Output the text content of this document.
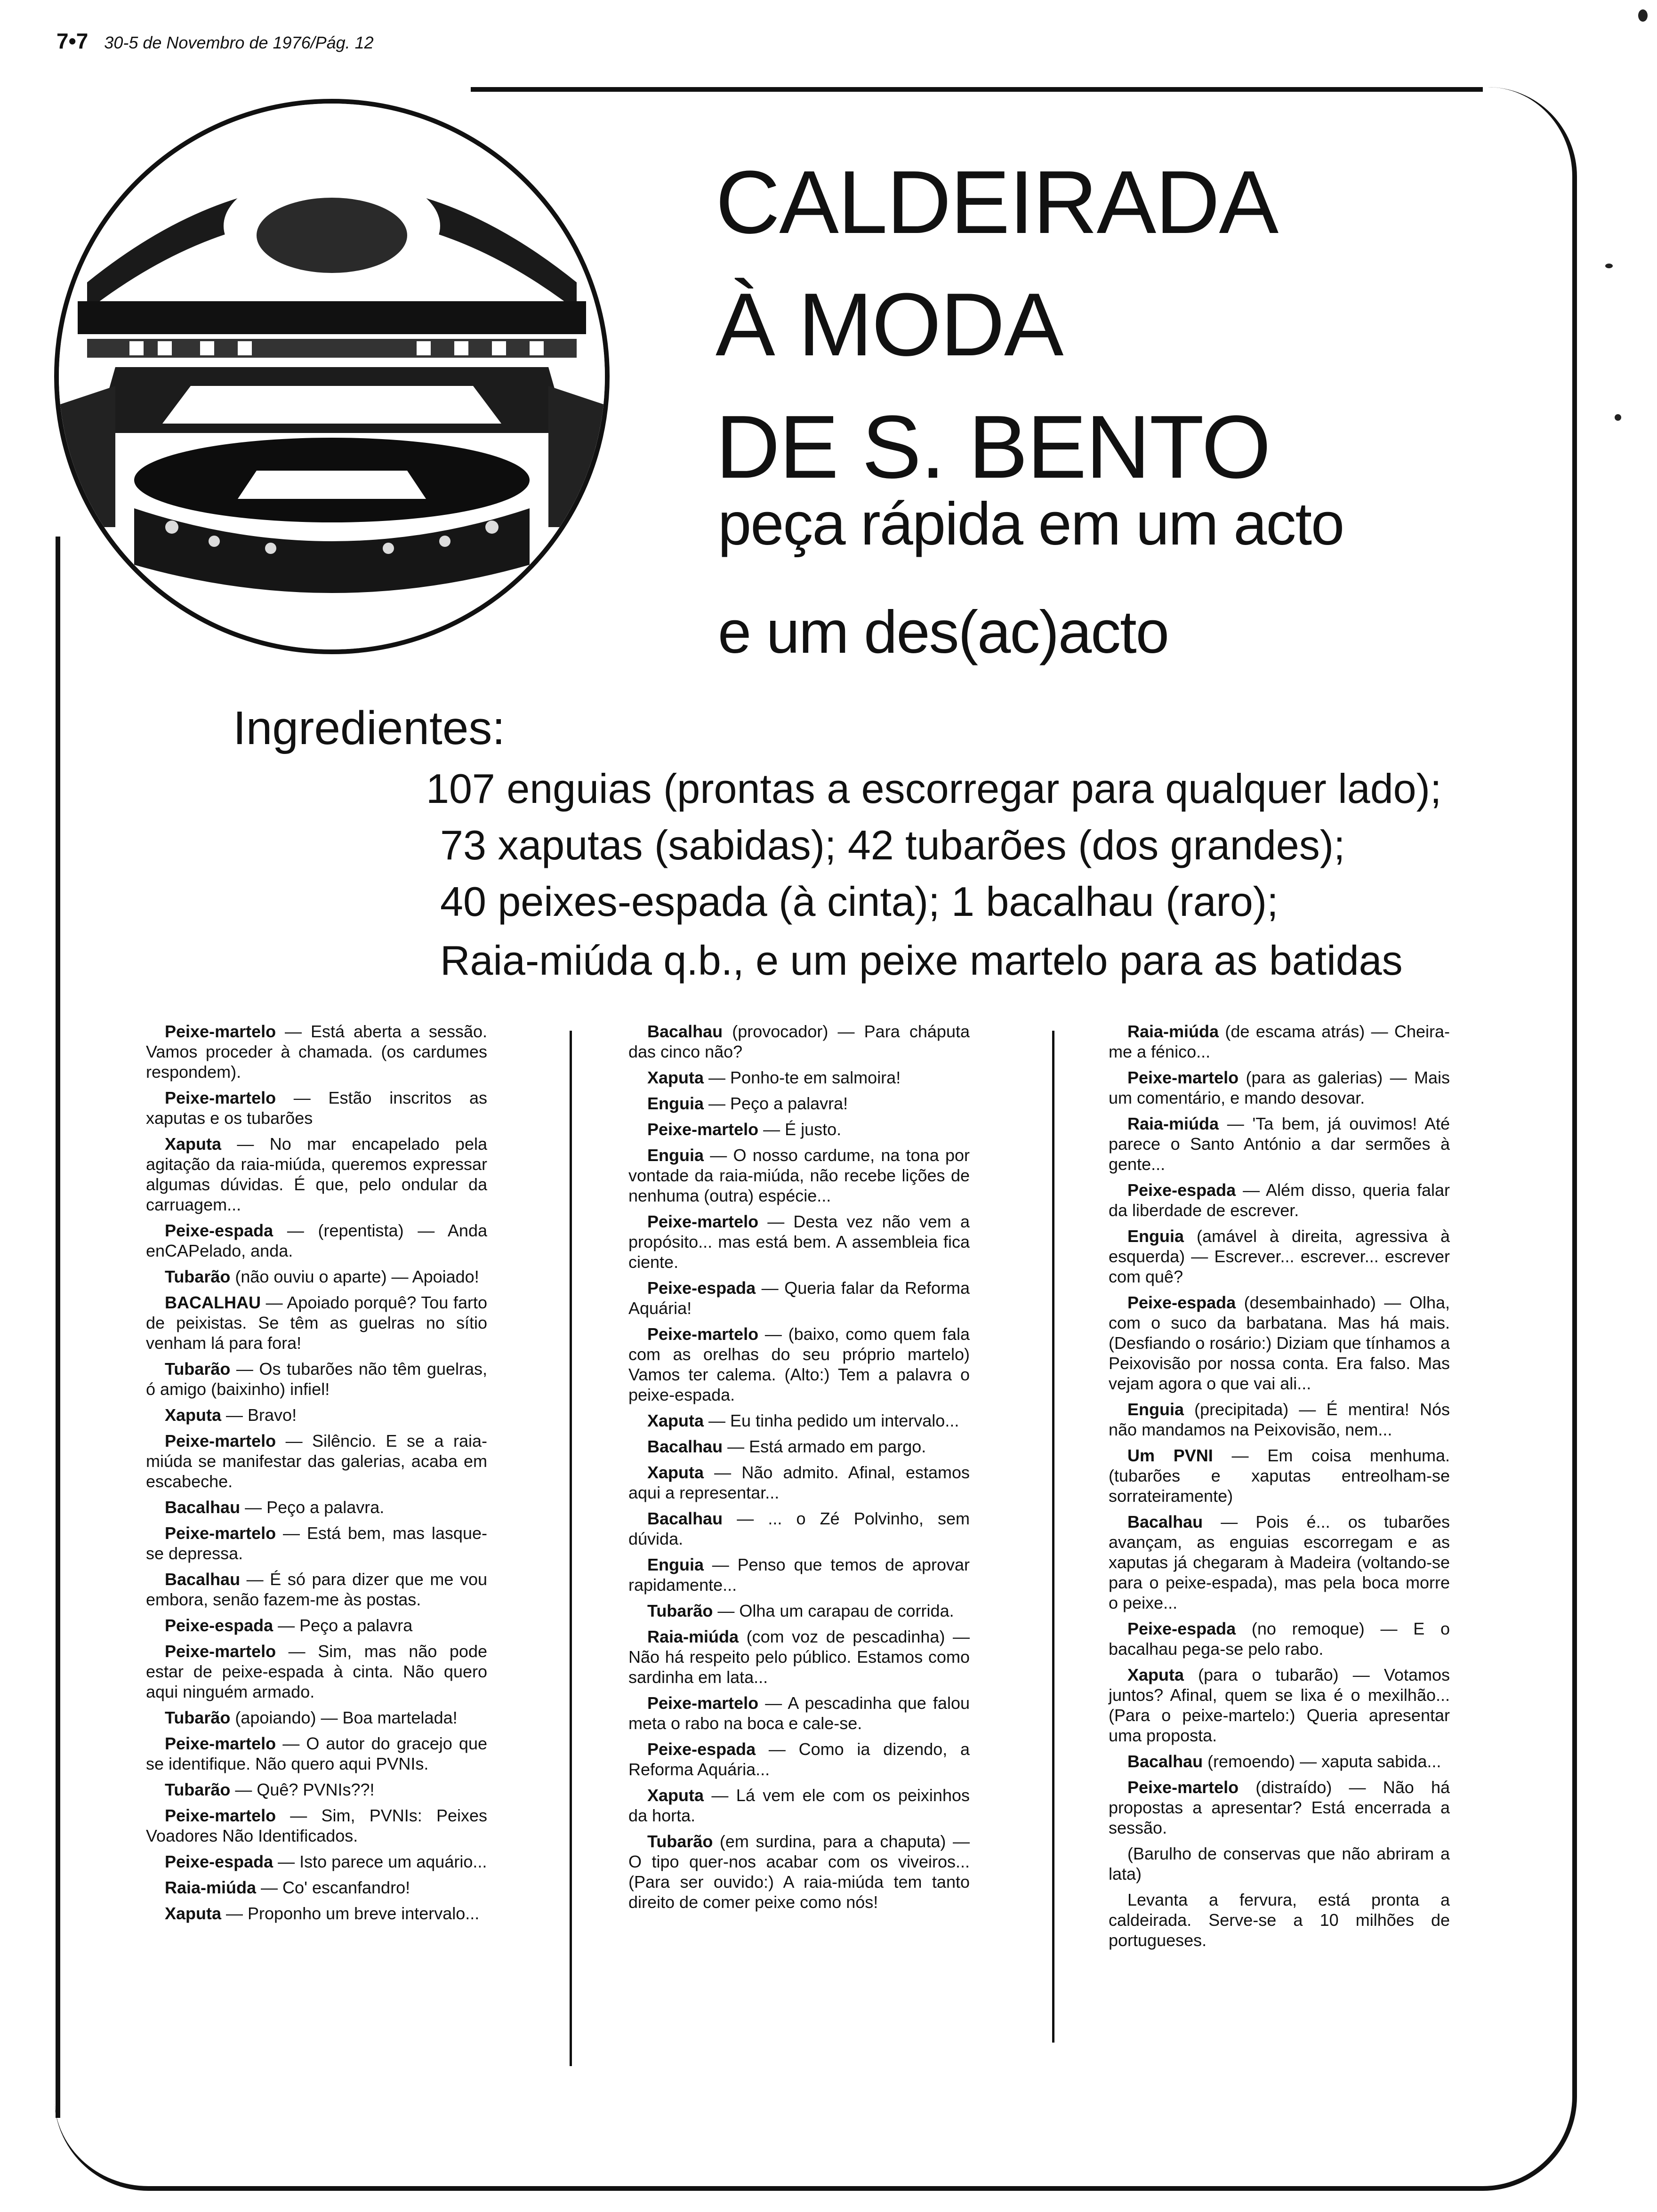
7•7 30-5 de Novembro de 1976/Pág. 12
CALDEIRADA
À MODA
DE S. BENTO

peça rápida em um acto

e um des(ac)acto

Ingredientes:

107 enguias (prontas a escorregar para qualquer lado);

73 xaputas (sabidas); 42 tubarões (dos grandes);

40 peixes-espada (à cinta); 1 bacalhau (raro);

Raia-miúda q.b., e um peixe martelo para as batidas

Peixe-martelo — Está aberta a sessão. Vamos proceder à chamada. (os cardumes respondem).

Peixe-martelo — Estão inscritos as xaputas e os tubarões

Xaputa — No mar encapelado pela agitação da raia-miúda, queremos expressar algumas dúvidas. É que, pelo ondular da carruagem...

Peixe-espada — (repentista) — Anda enCAPelado, anda.

Tubarão (não ouviu o aparte) — Apoiado!

BACALHAU — Apoiado porquê? Tou farto de peixistas. Se têm as guelras no sítio venham lá para fora!

Tubarão — Os tubarões não têm guelras, ó amigo (baixinho) infiel!

Xaputa — Bravo!

Peixe-martelo — Silêncio. E se a raia-miúda se manifestar das galerias, acaba em escabeche.

Bacalhau — Peço a palavra.

Peixe-martelo — Está bem, mas lasque-se depressa.

Bacalhau — É só para dizer que me vou embora, senão fazem-me às postas.

Peixe-espada — Peço a palavra

Peixe-martelo — Sim, mas não pode estar de peixe-espada à cinta. Não quero aqui ninguém armado.

Tubarão (apoiando) — Boa martelada!

Peixe-martelo — O autor do gracejo que se identifique. Não quero aqui PVNIs.

Tubarão — Quê? PVNIs??!

Peixe-martelo — Sim, PVNIs: Peixes Voadores Não Identificados.

Peixe-espada — Isto parece um aquário...

Raia-miúda — Co' escanfandro!

Xaputa — Proponho um breve intervalo...

Bacalhau (provocador) — Para cháputa das cinco não?

Xaputa — Ponho-te em salmoira!

Enguia — Peço a palavra!

Peixe-martelo — É justo.

Enguia — O nosso cardume, na tona por vontade da raia-miúda, não recebe lições de nenhuma (outra) espécie...

Peixe-martelo — Desta vez não vem a propósito... mas está bem. A assembleia fica ciente.

Peixe-espada — Queria falar da Reforma Aquária!

Peixe-martelo — (baixo, como quem fala com as orelhas do seu próprio martelo) Vamos ter calema. (Alto:) Tem a palavra o peixe-espada.

Xaputa — Eu tinha pedido um intervalo...

Bacalhau — Está armado em pargo.

Xaputa — Não admito. Afinal, estamos aqui a representar...

Bacalhau — ... o Zé Polvinho, sem dúvida.

Enguia — Penso que temos de aprovar rapidamente...

Tubarão — Olha um carapau de corrida.

Raia-miúda (com voz de pescadinha) — Não há respeito pelo público. Estamos como sardinha em lata...

Peixe-martelo — A pescadinha que falou meta o rabo na boca e cale-se.

Peixe-espada — Como ia dizendo, a Reforma Aquária...

Xaputa — Lá vem ele com os peixinhos da horta.

Tubarão (em surdina, para a chaputa) — O tipo quer-nos acabar com os viveiros... (Para ser ouvido:) A raia-miúda tem tanto direito de comer peixe como nós!

Raia-miúda (de escama atrás) — Cheira-me a fénico...

Peixe-martelo (para as galerias) — Mais um comentário, e mando desovar.

Raia-miúda — 'Ta bem, já ouvimos! Até parece o Santo António a dar sermões à gente...

Peixe-espada — Além disso, queria falar da liberdade de escrever.

Enguia (amável à direita, agressiva à esquerda) — Escrever... escrever... escrever com quê?

Peixe-espada (desembainhado) — Olha, com o suco da barbatana. Mas há mais. (Desfiando o rosário:) Diziam que tínhamos a Peixovisão por nossa conta. Era falso. Mas vejam agora o que vai ali...

Enguia (precipitada) — É mentira! Nós não mandamos na Peixovisão, nem...

Um PVNI — Em coisa menhuma. (tubarões e xaputas entreolham-se sorrateiramente)

Bacalhau — Pois é... os tubarões avançam, as enguias escorregam e as xaputas já chegaram à Madeira (voltando-se para o peixe-espada), mas pela boca morre o peixe...

Peixe-espada (no remoque) — E o bacalhau pega-se pelo rabo.

Xaputa (para o tubarão) — Votamos juntos? Afinal, quem se lixa é o mexilhão... (Para o peixe-martelo:) Queria apresentar uma proposta.

Bacalhau (remoendo) — xaputa sabida...

Peixe-martelo (distraído) — Não há propostas a apresentar? Está encerrada a sessão.

(Barulho de conservas que não abriram a lata)

Levanta a fervura, está pronta a caldeirada. Serve-se a 10 milhões de portugueses.
